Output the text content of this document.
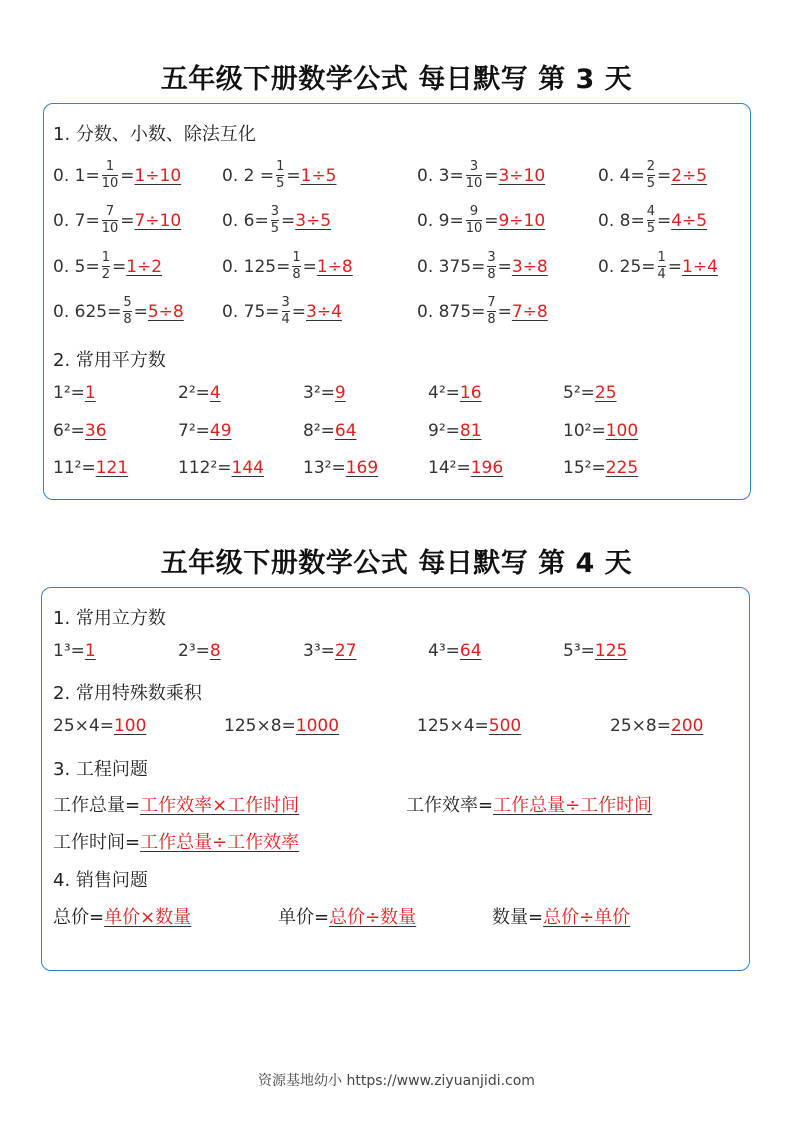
五年级下册数学公式 每日默写 第 3 天
1. 分数、小数、除法互化
0. $1= \frac{1}{10} = 1\div 10$ 0. $2 = \frac{1}{5} = 1\div 5$	0. $3= \frac{3}{10} = 3\div 10$	0. $4= \frac{2}{5} = 2\div 5$
0. $7= \frac{7}{10} = 7\div 10$ 0. $6= \frac{3}{5} = 3\div 5$	0. $9= \frac{9}{10} = 9\div 10$	0. $8= \frac{4}{5} = 4\div 5$
0. $5= \frac{1}{2} = 1\div 2$	0. $125= \frac{1}{8} = 1\div 8$	0. $375= \frac{3}{8} = 3\div 8$	0. $25= \frac{1}{4} = 1\div 4$
0. $625= \frac{5}{8} = 5\div 8$ 0. $75= \frac{3}{4} = 3\div 4$	0. $875= \frac{7}{8} = 7\div 8$
2. 常用平方数
1²=1	2²=4	3²=9	4²=16	5²=25
6²=36	7²=49	8²=64	9²=81	10²=100
11²=121	112²=144 13²=169	14²=196	15²=225
五年级下册数学公式 每日默写 第 4 天
1. 常用立方数
1³=1	2³=8	3³=27	4³=64	5³=125
2. 常用特殊数乘积
25×4=100	125×8=1000	125×4=500	25×8=200
3. 工程问题
工作总量=工作效率×工作时间	工作效率=工作总量÷工作时间
工作时间=工作总量÷工作效率
4. 销售问题
总价=单价×数量	单价=总价÷数量	数量=总价÷单价
资源基地幼小 https://www.ziyuanjidi.com
